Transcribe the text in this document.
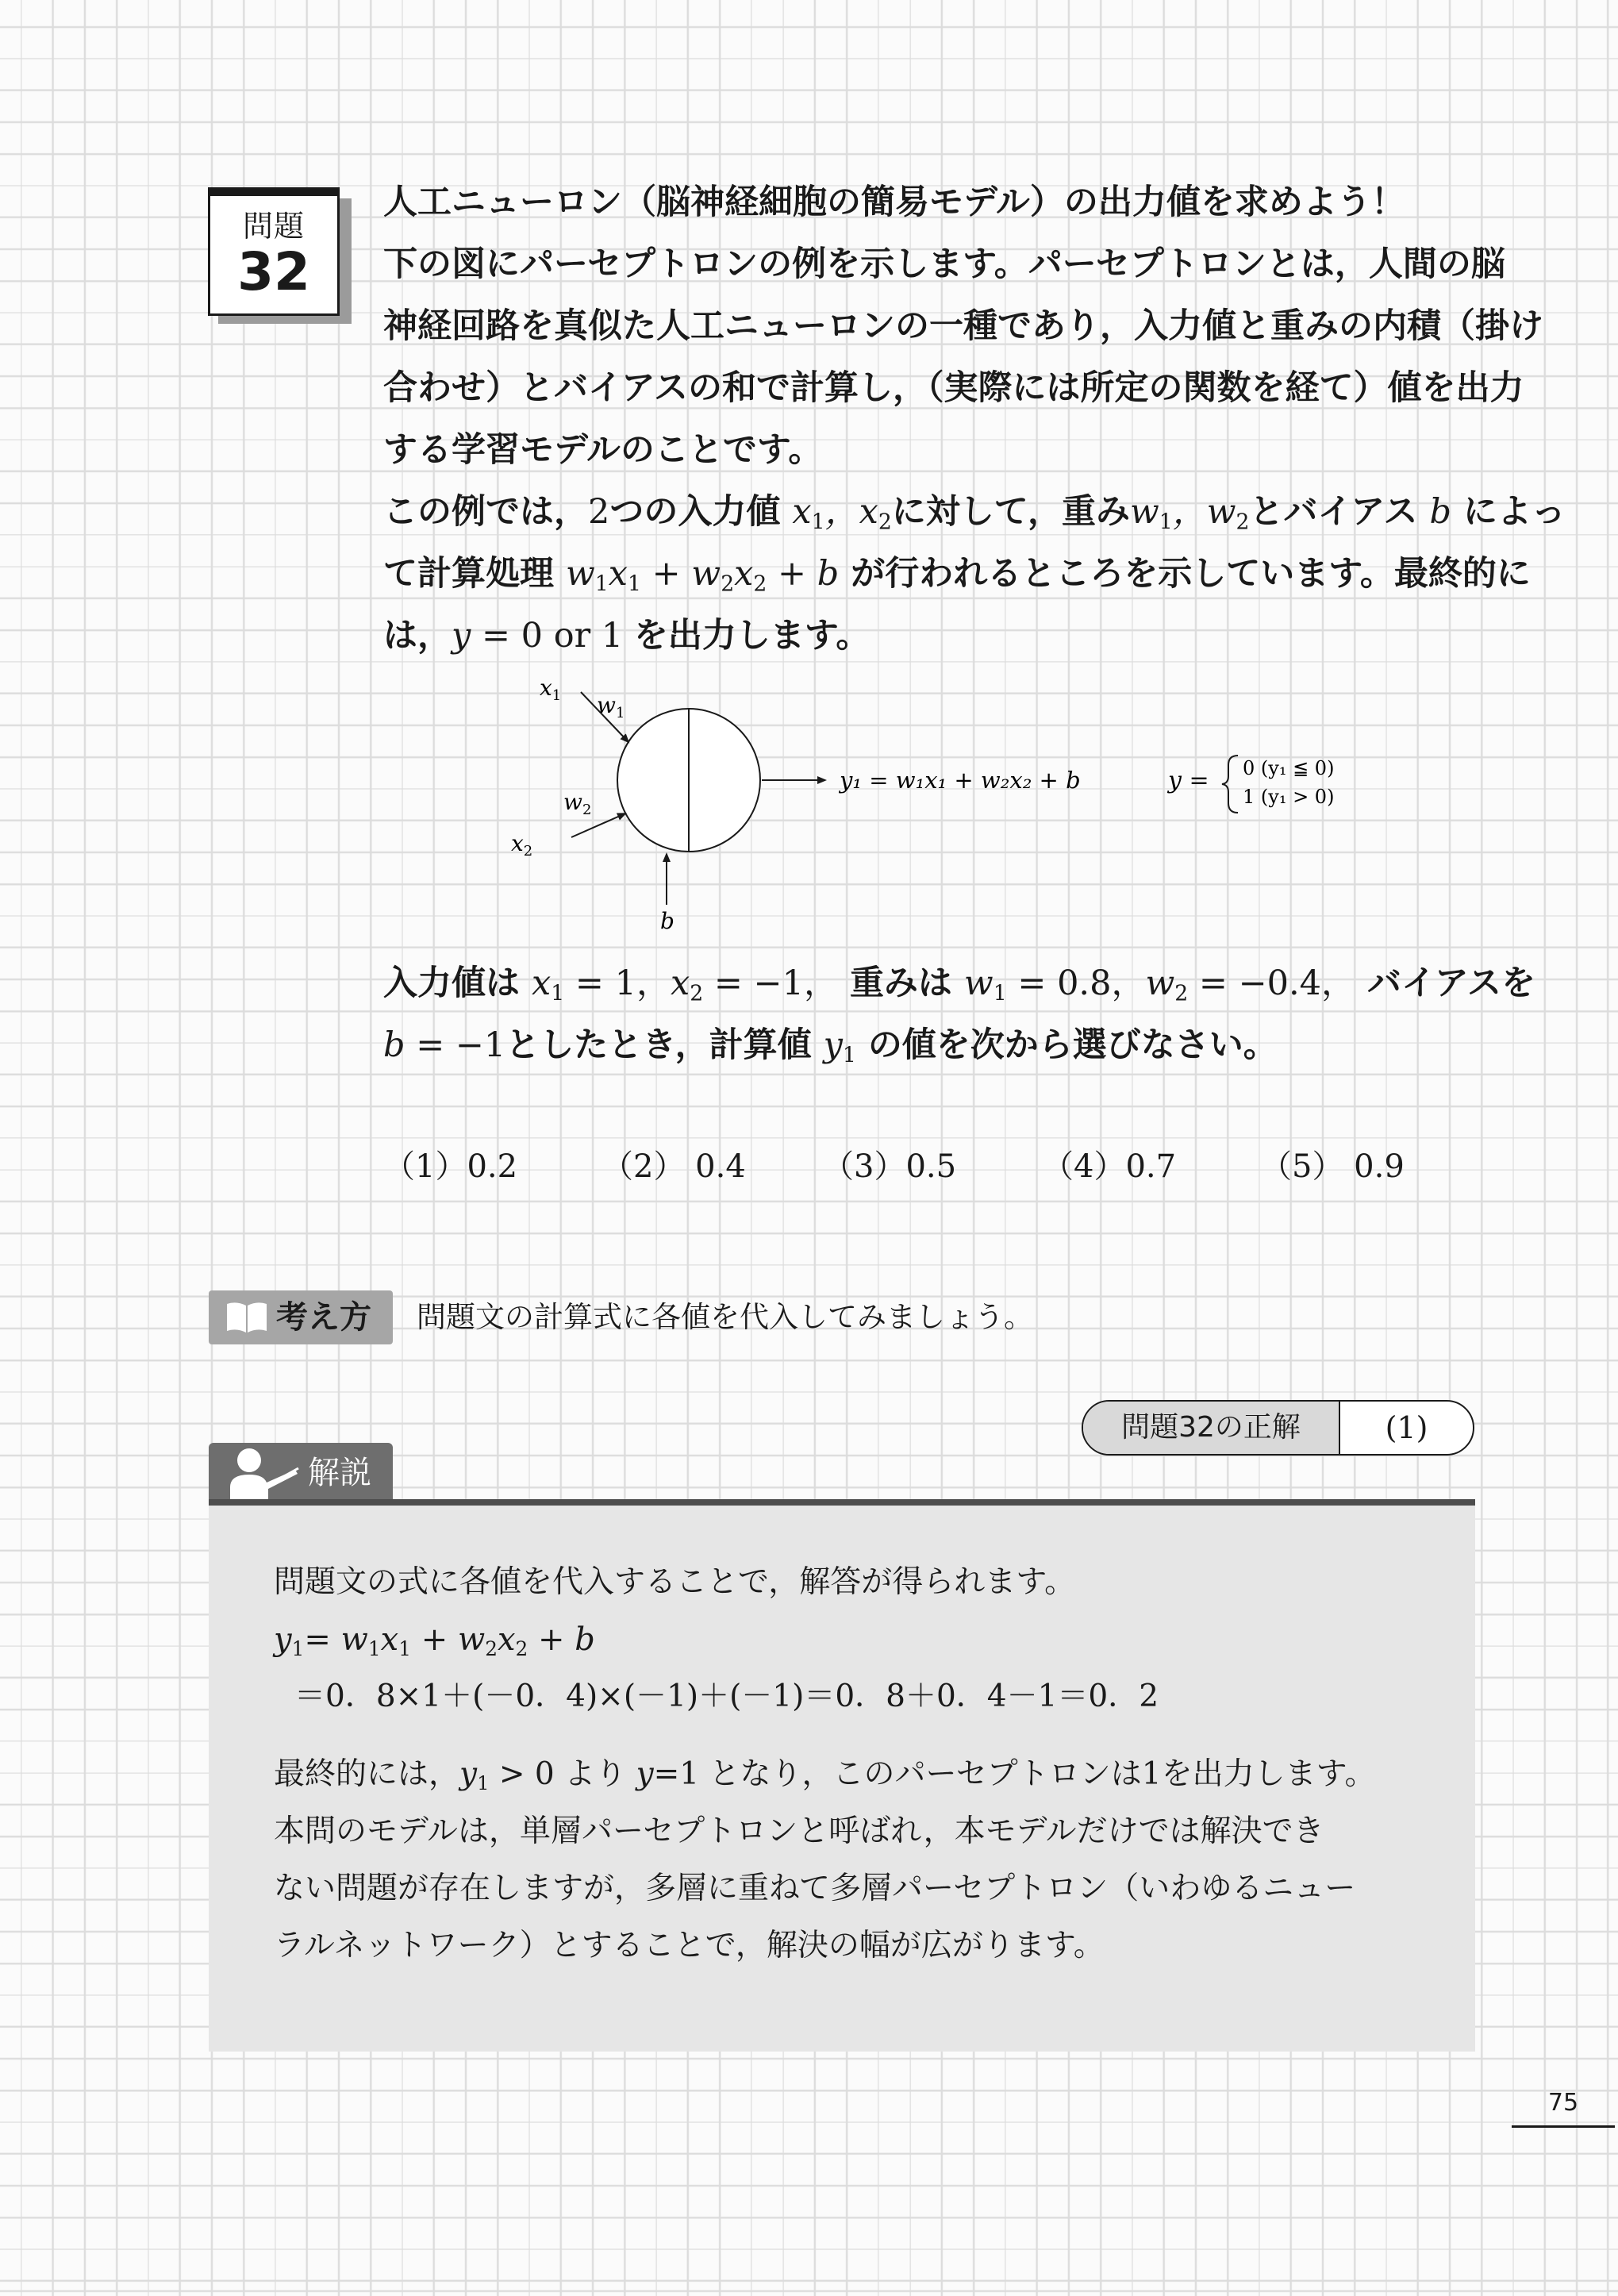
問題
32
人工ニューロン（脳神経細胞の簡易モデル）の出力値を求めよう！
下の図にパーセプトロンの例を示します。パーセプトロンとは，人間の脳
神経回路を真似た人工ニューロンの一種であり，入力値と重みの内積（掛け
合わせ）とバイアスの和で計算し，（実際には所定の関数を経て）値を出力
する学習モデルのことです。
この例では，2つの入力値 $x_1$，$x_2$に対して，重み$w_1$，$w_2$とバイアス b によっ
て計算処理 $w_1x_1 + w_2x_2 + b$ が行われるところを示しています。最終的に
は，y = 0 or 1 を出力します。
$x_1$ $w_1$
$w_2$
$x_2$
b
y₁ = w₁x₁ + w₂x₂ + b	y = 0 (y₁ ≦ 0)
1 (y₁ > 0)
入力値は $x_1 = 1$，$x_2 = -1$， 重みは $w_1 = 0.8$，$w_2 = -0.4$， バイアスを
b = −1としたとき，計算値 $y_1$ の値を次から選びなさい。
（1）0.2	（2） 0.4 （3）0.5	（4）0.7	（5） 0.9
考え方 問題文の計算式に各値を代入してみましょう。
問題32の正解	(1)
解説
問題文の式に各値を代入することで，解答が得られます。
$y_1= w_1x_1 + w_2x_2 + b$
＝0．8×1＋(－0．4)×(－1)＋(－1)＝0．8＋0．4－1＝0．2
最終的には，$y_1 > 0$ より y=1 となり，このパーセプトロンは1を出力します。
本問のモデルは，単層パーセプトロンと呼ばれ，本モデルだけでは解決でき
ない問題が存在しますが，多層に重ねて多層パーセプトロン（いわゆるニュー
ラルネットワーク）とすることで，解決の幅が広がります。
75
